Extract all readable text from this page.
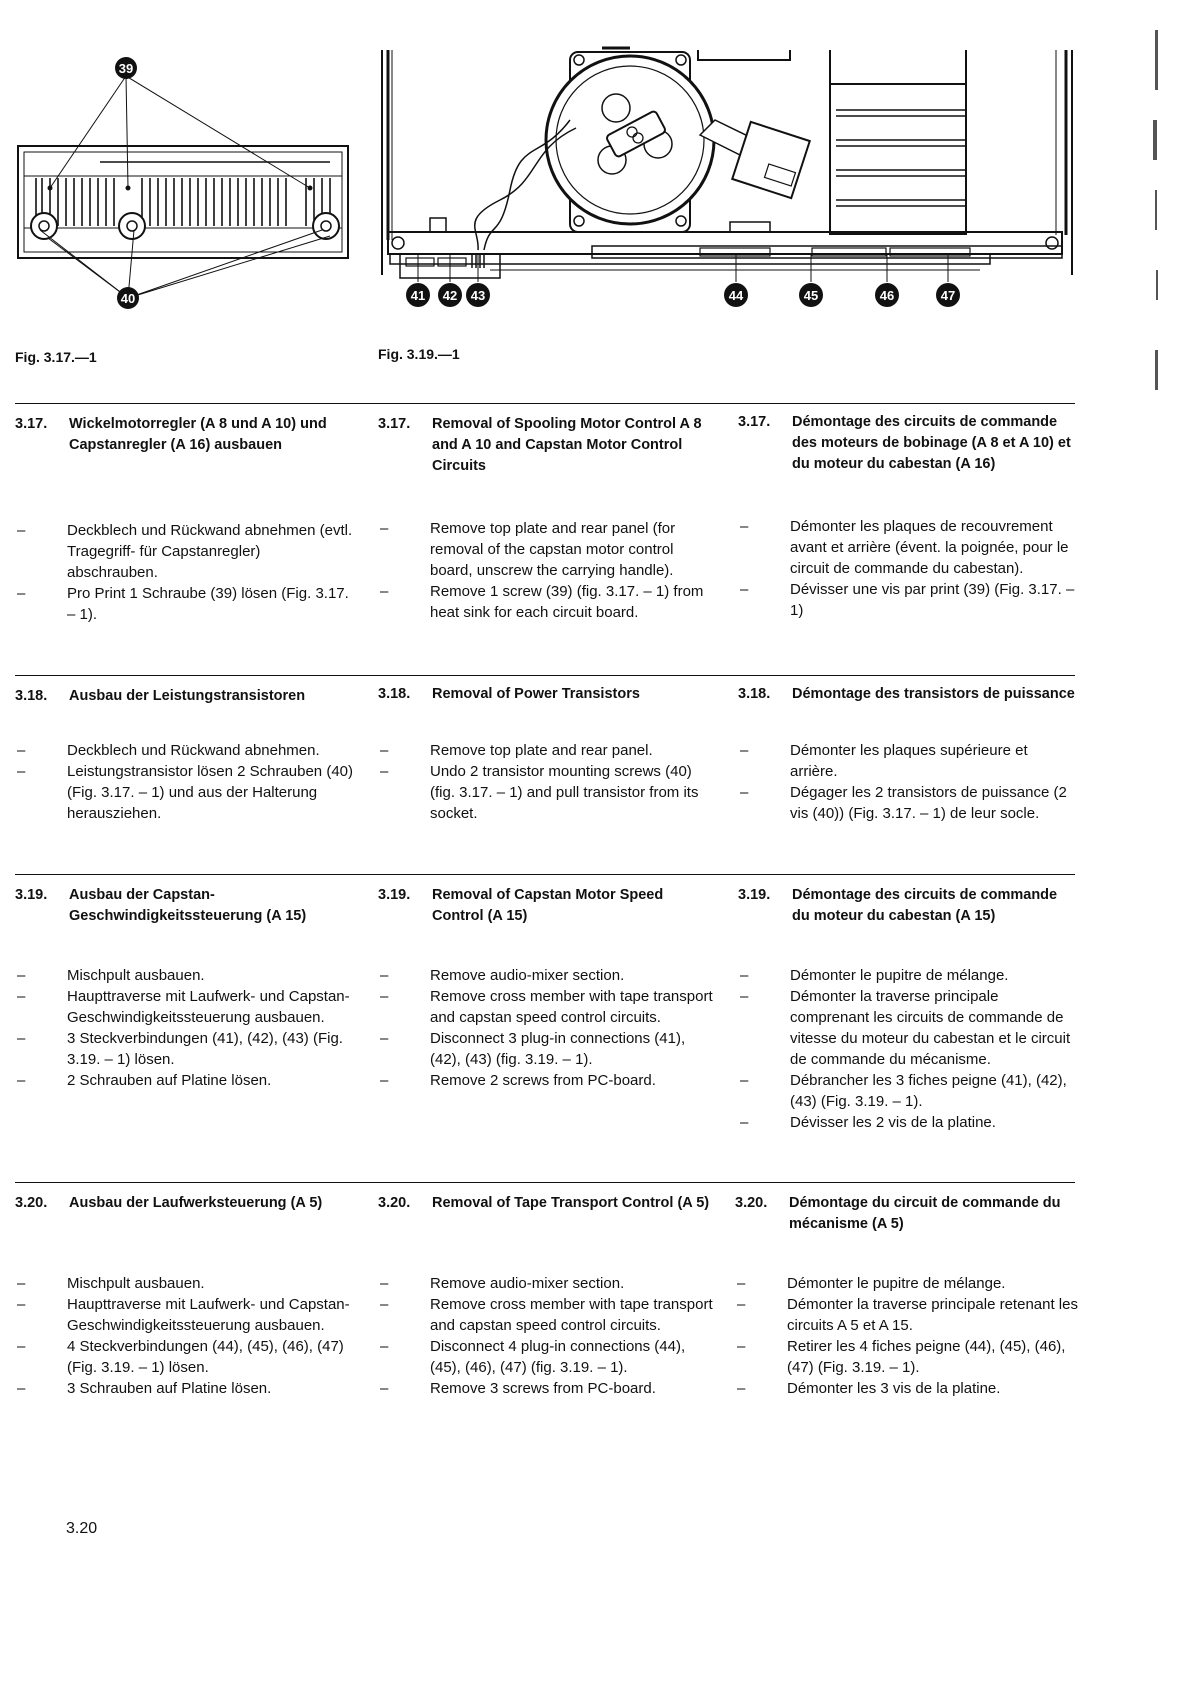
39
40
Fig. 3.17.—1
41 42 43	44	45	46	47
Fig. 3.19.—1
3.17.	Wickelmotorregler (A 8 und A 10) und Capstanregler (A 16) ausbauen
3.17.	Removal of Spooling Motor Control A 8 and A 10 and Capstan Motor Control Circuits
3.17.	Démontage des circuits de commande des moteurs de bobinage (A 8 et A 10) et du moteur du cabestan (A 16)
–	Deckblech und Rückwand abnehmen (evtl. Tragegriff- für Capstanregler) abschrauben.
–	Pro Print 1 Schraube (39) lösen (Fig. 3.17. – 1).
–	Remove top plate and rear panel (for removal of the capstan motor control board, unscrew the carrying handle).
–	Remove 1 screw (39) (fig. 3.17. – 1) from heat sink for each circuit board.
–	Démonter les plaques de recouvrement avant et arrière (évent. la poignée, pour le circuit de commande du cabestan).
–	Dévisser une vis par print (39) (Fig. 3.17. – 1)
3.18.	Ausbau der Leistungstransistoren	3.18.	Removal of Power Transistors	3.18.	Démontage des transistors de puissance
–	Deckblech und Rückwand abnehmen.
–	Leistungstransistor lösen 2 Schrauben (40) (Fig. 3.17. – 1) und aus der Halterung herausziehen.
–	Remove top plate and rear panel.
–	Undo 2 transistor mounting screws (40) (fig. 3.17. – 1) and pull transistor from its socket.
–	Démonter les plaques supérieure et arrière.
–	Dégager les 2 transistors de puissance (2 vis (40)) (Fig. 3.17. – 1) de leur socle.
3.19.	Ausbau der Capstan-Geschwindigkeitssteuerung (A 15)
3.19.	Removal of Capstan Motor Speed Control (A 15)
3.19.	Démontage des circuits de commande du moteur du cabestan (A 15)
–	Mischpult ausbauen.
–	Haupttraverse mit Laufwerk- und Capstan-Geschwindigkeitssteuerung ausbauen.
–	3 Steckverbindungen (41), (42), (43) (Fig. 3.19. – 1) lösen.
–	2 Schrauben auf Platine lösen.
–	Remove audio-mixer section.
–	Remove cross member with tape transport and capstan speed control circuits.
–	Disconnect 3 plug-in connections (41), (42), (43) (fig. 3.19. – 1).
–	Remove 2 screws from PC-board.
–	Démonter le pupitre de mélange.
–	Démonter la traverse principale comprenant les circuits de commande de vitesse du moteur du cabestan et le circuit de commande du mécanisme.
–	Débrancher les 3 fiches peigne (41), (42), (43) (Fig. 3.19. – 1).
–	Dévisser les 2 vis de la platine.
3.20.	Ausbau der Laufwerksteuerung (A 5)	3.20.	Removal of Tape Transport Control (A 5)	3.20.	Démontage du circuit de commande du mécanisme (A 5)
–	Mischpult ausbauen.
–	Haupttraverse mit Laufwerk- und Capstan-Geschwindigkeitssteuerung ausbauen.
–	4 Steckverbindungen (44), (45), (46), (47) (Fig. 3.19. – 1) lösen.
–	3 Schrauben auf Platine lösen.
–	Remove audio-mixer section.
–	Remove cross member with tape transport and capstan speed control circuits.
–	Disconnect 4 plug-in connections (44), (45), (46), (47) (fig. 3.19. – 1).
–	Remove 3 screws from PC-board.
–	Démonter le pupitre de mélange.
–	Démonter la traverse principale retenant les circuits A 5 et A 15.
–	Retirer les 4 fiches peigne (44), (45), (46), (47) (Fig. 3.19. – 1).
–	Démonter les 3 vis de la platine.
3.20
